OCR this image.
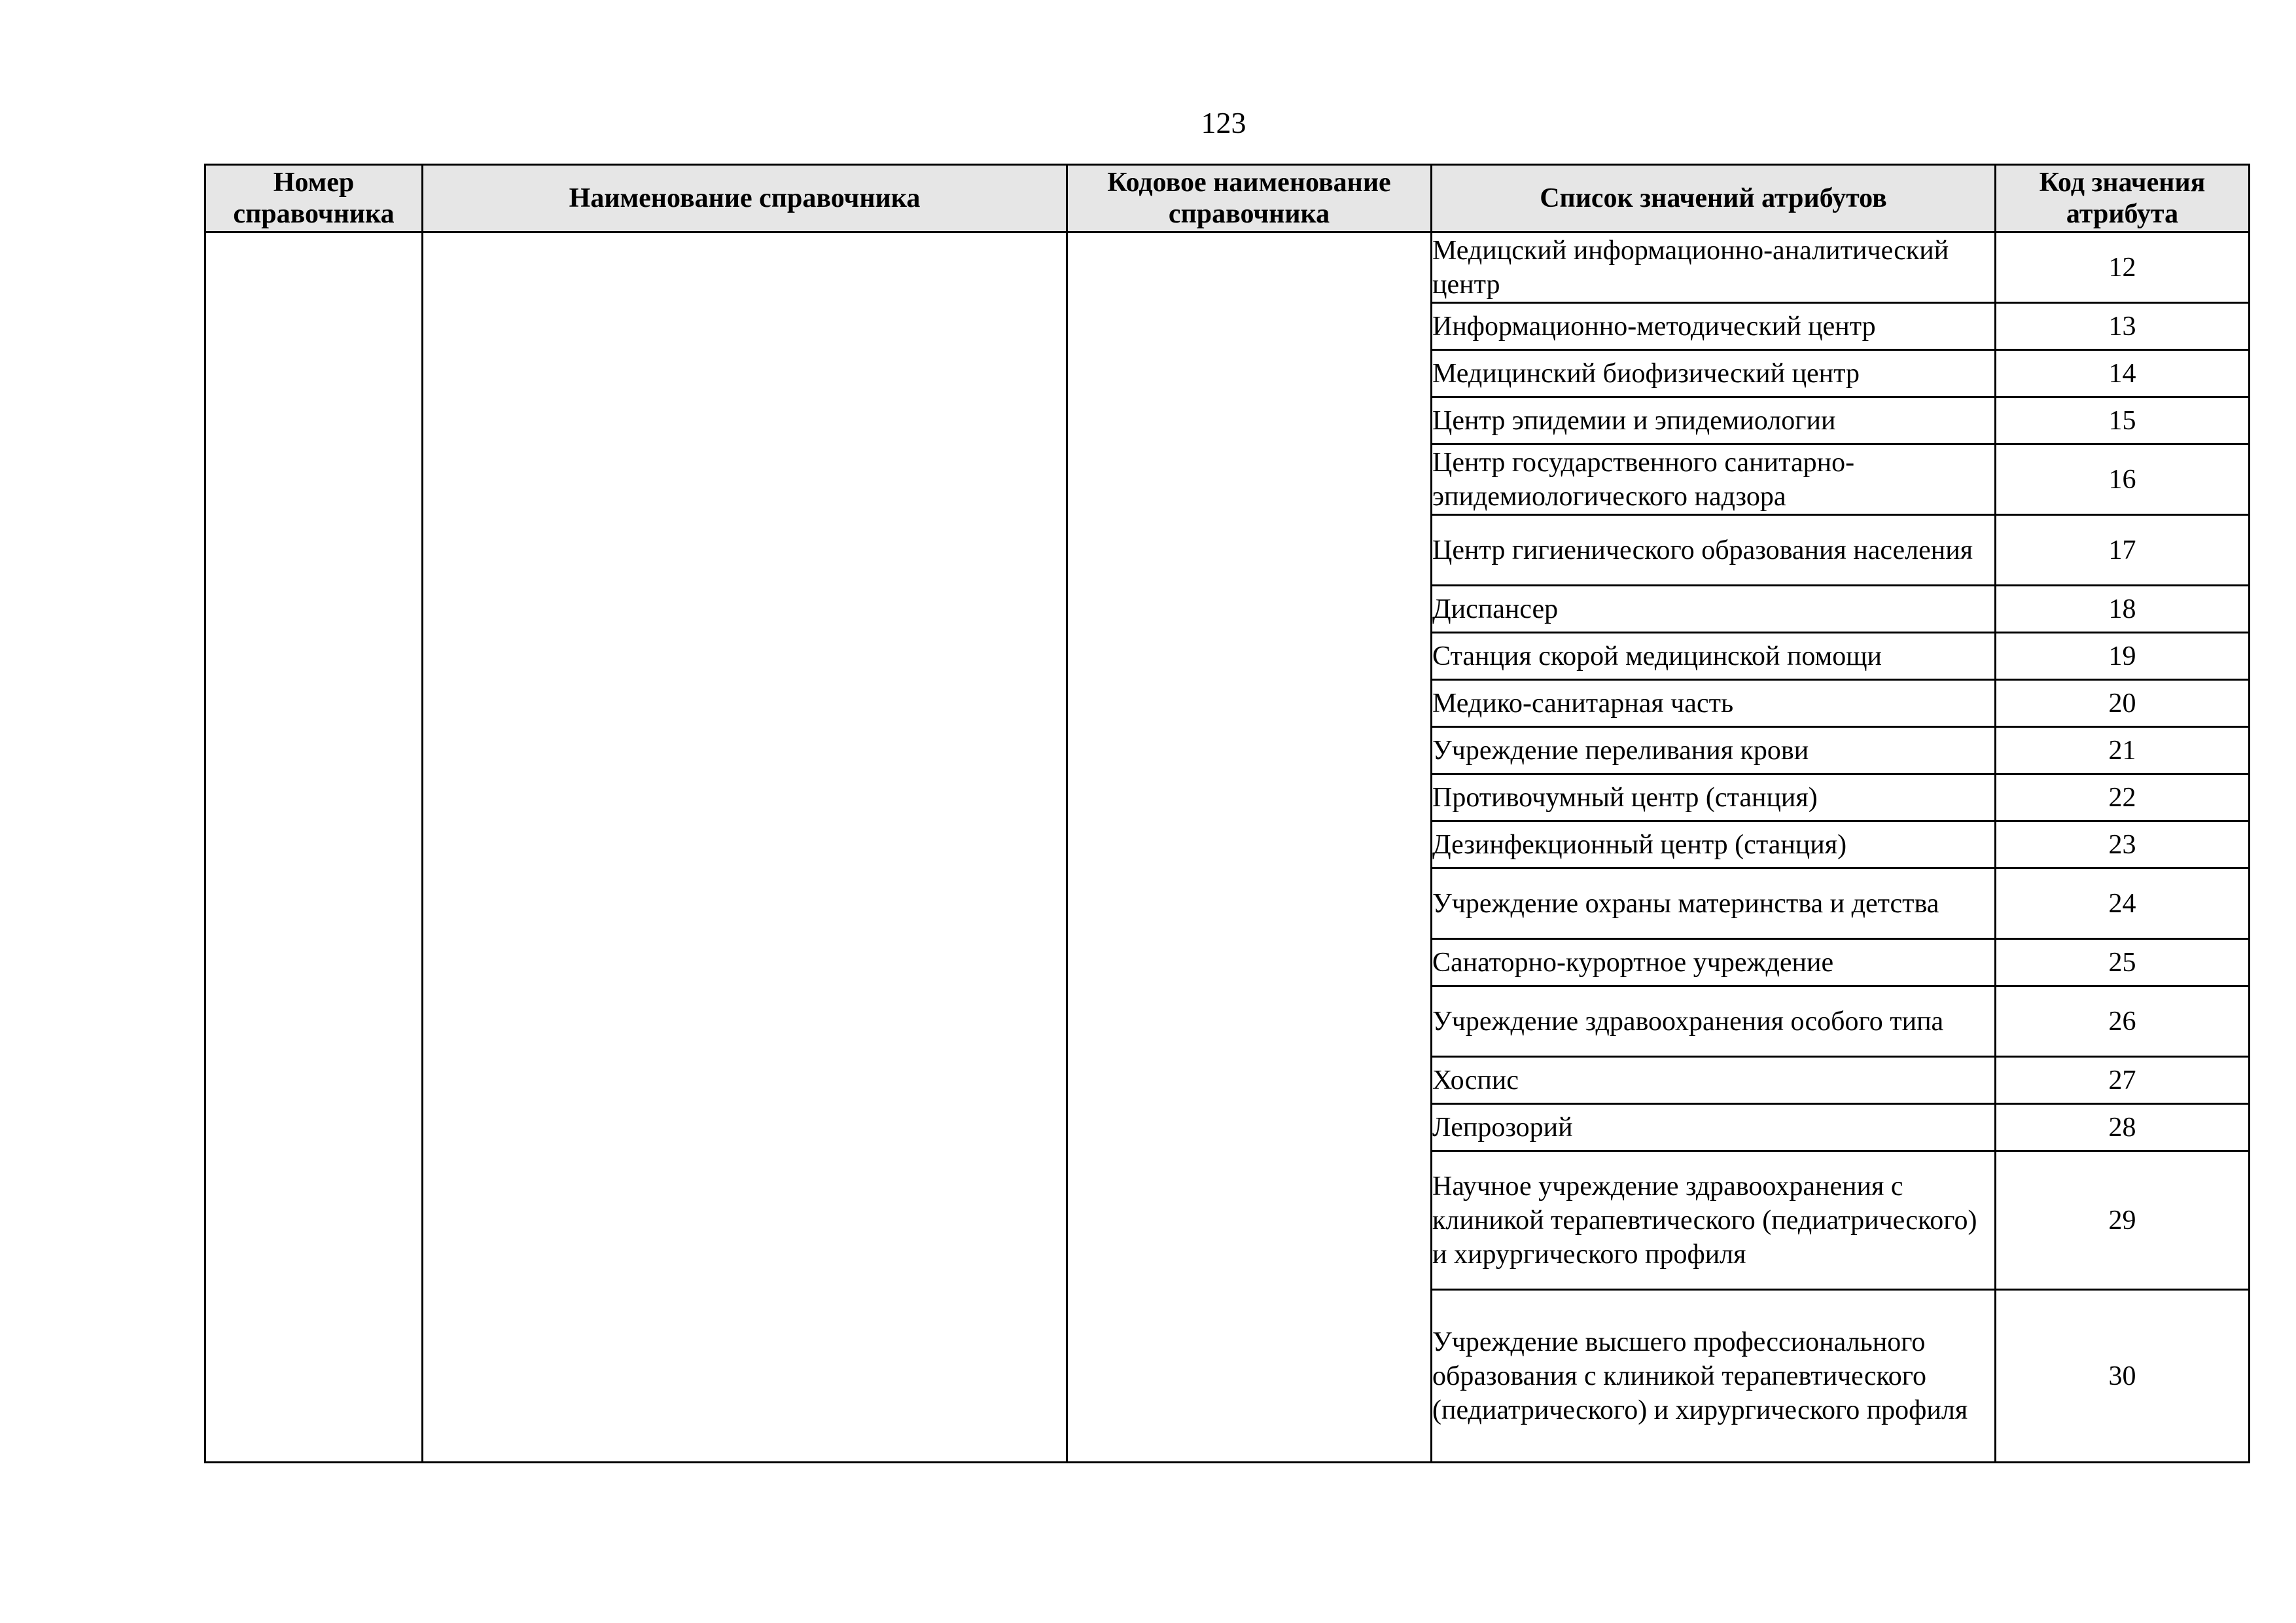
123
Номер справочника	Наименование справочника	Кодовое наименование справочника	Список значений атрибутов	Код значения атрибута
			Медицский информационно-аналитический центр	12
			Информационно-методический центр	13
			Медицинский биофизический центр	14
			Центр эпидемии и эпидемиологии	15
			Центр государственного санитарно-эпидемиологического надзора	16
			Центр гигиенического образования населения	17
			Диспансер	18
			Станция скорой медицинской помощи	19
			Медико-санитарная часть	20
			Учреждение переливания крови	21
			Противочумный центр (станция)	22
			Дезинфекционный центр (станция)	23
			Учреждение охраны материнства и детства	24
			Санаторно-курортное учреждение	25
			Учреждение здравоохранения особого типа	26
			Хоспис	27
			Лепрозорий	28
			Научное учреждение здравоохранения с клиникой терапевтического (педиатрического) и хирургического профиля	29
			Учреждение высшего профессионального образования с клиникой терапевтического (педиатрического) и хирургического профиля	30
